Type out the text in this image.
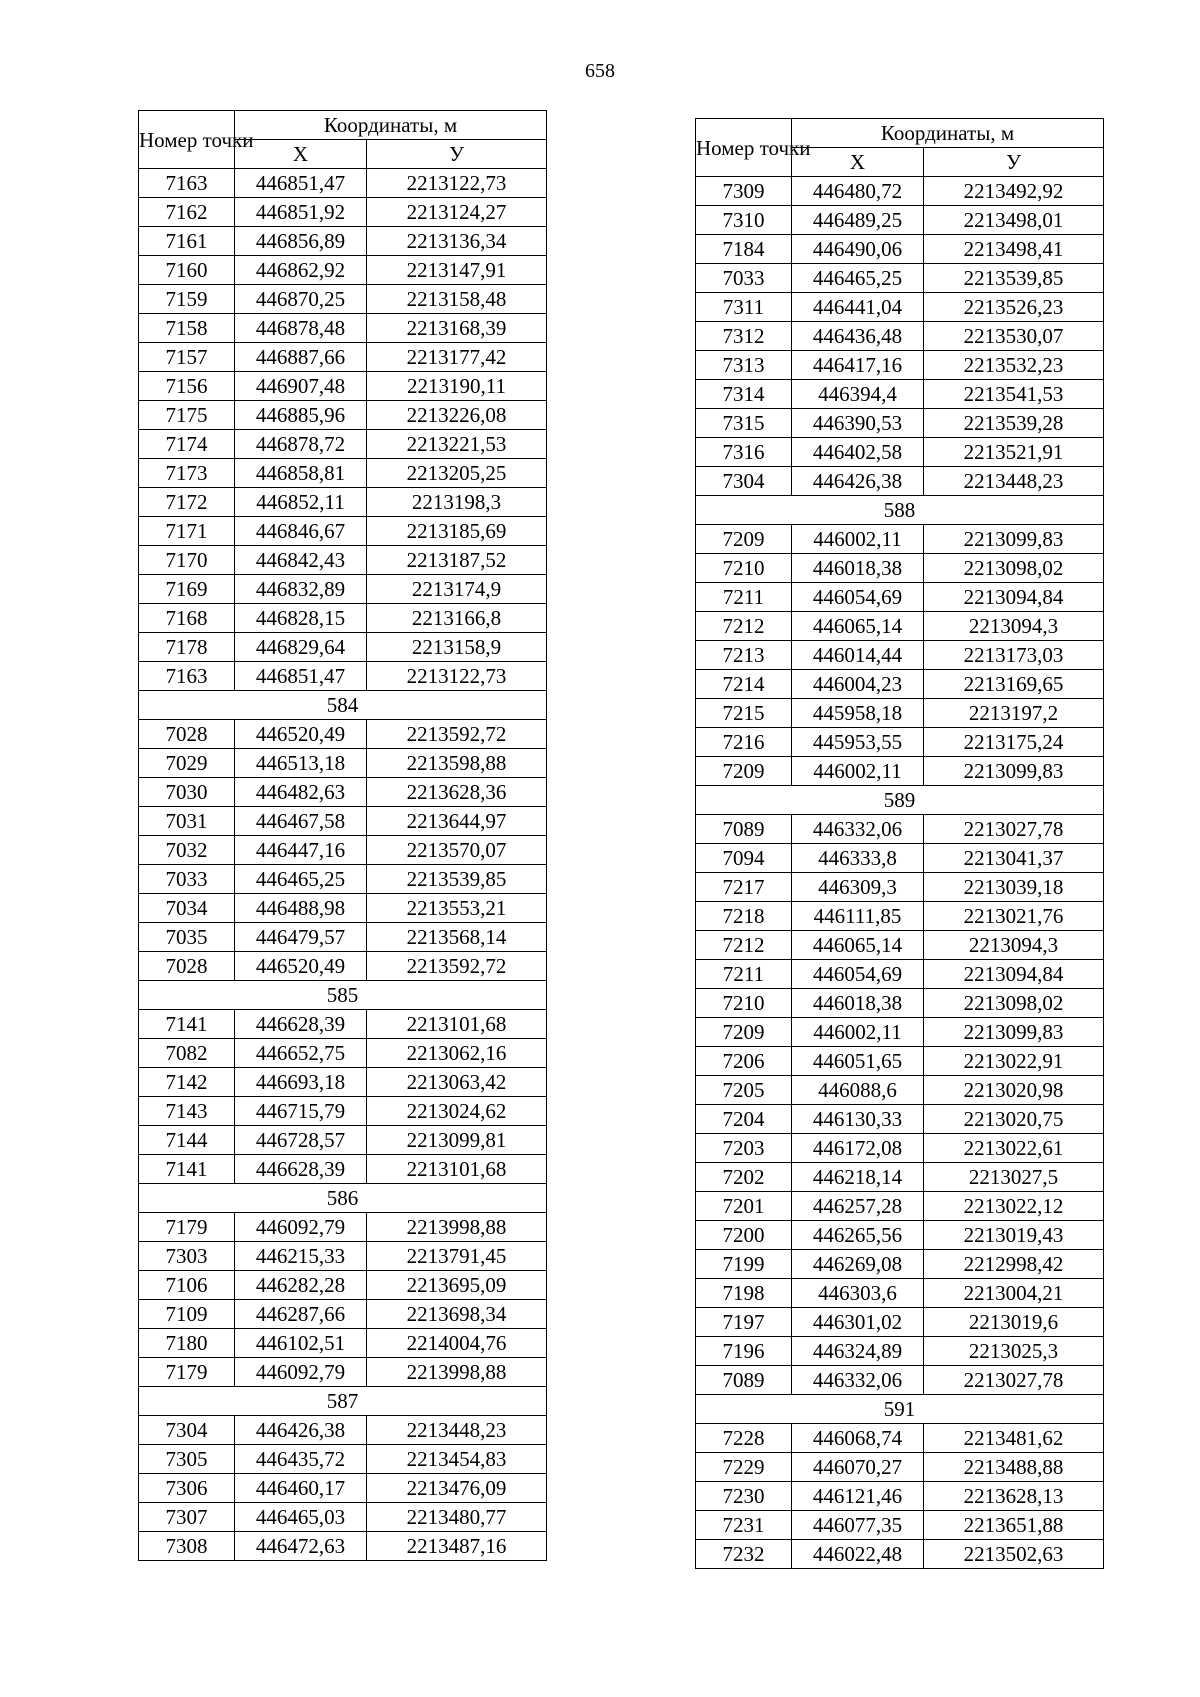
658
Номер точки	Координаты, м	
	Х	У
7163	446851,47	2213122,73
7162	446851,92	2213124,27
7161	446856,89	2213136,34
7160	446862,92	2213147,91
7159	446870,25	2213158,48
7158	446878,48	2213168,39
7157	446887,66	2213177,42
7156	446907,48	2213190,11
7175	446885,96	2213226,08
7174	446878,72	2213221,53
7173	446858,81	2213205,25
7172	446852,11	2213198,3
7171	446846,67	2213185,69
7170	446842,43	2213187,52
7169	446832,89	2213174,9
7168	446828,15	2213166,8
7178	446829,64	2213158,9
7163	446851,47	2213122,73
584		
7028	446520,49	2213592,72
7029	446513,18	2213598,88
7030	446482,63	2213628,36
7031	446467,58	2213644,97
7032	446447,16	2213570,07
7033	446465,25	2213539,85
7034	446488,98	2213553,21
7035	446479,57	2213568,14
7028	446520,49	2213592,72
585		
7141	446628,39	2213101,68
7082	446652,75	2213062,16
7142	446693,18	2213063,42
7143	446715,79	2213024,62
7144	446728,57	2213099,81
7141	446628,39	2213101,68
586		
7179	446092,79	2213998,88
7303	446215,33	2213791,45
7106	446282,28	2213695,09
7109	446287,66	2213698,34
7180	446102,51	2214004,76
7179	446092,79	2213998,88
587		
7304	446426,38	2213448,23
7305	446435,72	2213454,83
7306	446460,17	2213476,09
7307	446465,03	2213480,77
7308	446472,63	2213487,16
Номер точки	Координаты, м	
	Х	У
7309	446480,72	2213492,92
7310	446489,25	2213498,01
7184	446490,06	2213498,41
7033	446465,25	2213539,85
7311	446441,04	2213526,23
7312	446436,48	2213530,07
7313	446417,16	2213532,23
7314	446394,4	2213541,53
7315	446390,53	2213539,28
7316	446402,58	2213521,91
7304	446426,38	2213448,23
588		
7209	446002,11	2213099,83
7210	446018,38	2213098,02
7211	446054,69	2213094,84
7212	446065,14	2213094,3
7213	446014,44	2213173,03
7214	446004,23	2213169,65
7215	445958,18	2213197,2
7216	445953,55	2213175,24
7209	446002,11	2213099,83
589		
7089	446332,06	2213027,78
7094	446333,8	2213041,37
7217	446309,3	2213039,18
7218	446111,85	2213021,76
7212	446065,14	2213094,3
7211	446054,69	2213094,84
7210	446018,38	2213098,02
7209	446002,11	2213099,83
7206	446051,65	2213022,91
7205	446088,6	2213020,98
7204	446130,33	2213020,75
7203	446172,08	2213022,61
7202	446218,14	2213027,5
7201	446257,28	2213022,12
7200	446265,56	2213019,43
7199	446269,08	2212998,42
7198	446303,6	2213004,21
7197	446301,02	2213019,6
7196	446324,89	2213025,3
7089	446332,06	2213027,78
591		
7228	446068,74	2213481,62
7229	446070,27	2213488,88
7230	446121,46	2213628,13
7231	446077,35	2213651,88
7232	446022,48	2213502,63
